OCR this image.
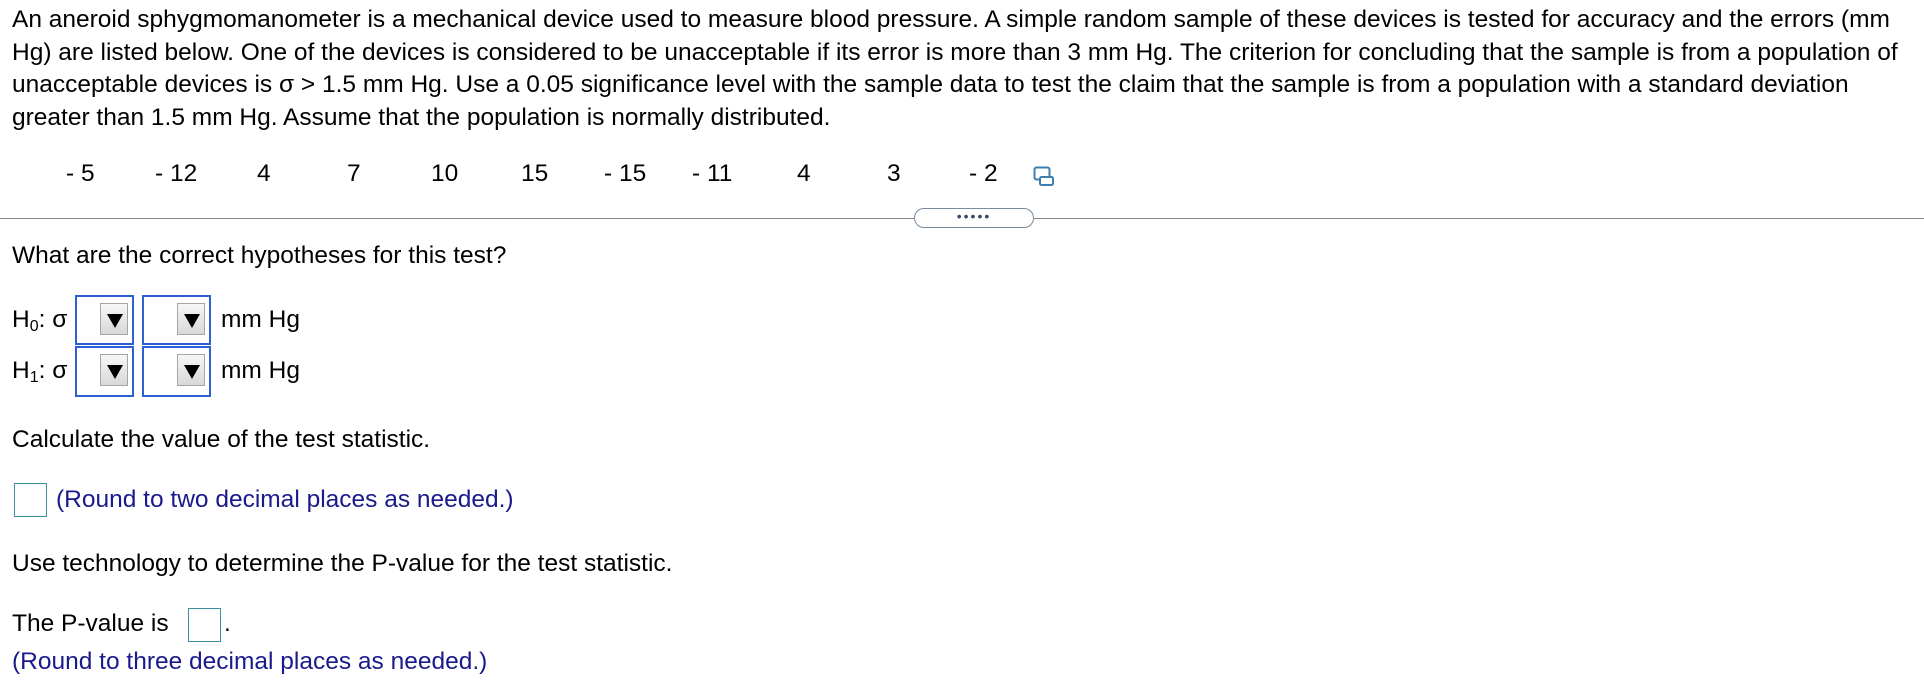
An aneroid sphygmomanometer is a mechanical device used to measure blood pressure. A simple random sample of these devices is tested for accuracy and the errors (mm Hg) are listed below. One of the devices is considered to be unacceptable if its error is more than 3 mm Hg. The criterion for concluding that the sample is from a population of unacceptable devices is σ > 1.5 mm Hg. Use a 0.05 significance level with the sample data to test the claim that the sample is from a population with a standard deviation greater than 1.5 mm Hg. Assume that the population is normally distributed.
- 5 - 12 4	7	10	15 - 15 - 11	4	3	- 2
•••••
What are the correct hypotheses for this test?
$H_0$: σ	mm Hg
$H_1$: σ	mm Hg
Calculate the value of the test statistic.
(Round to two decimal places as needed.)
Use technology to determine the P-value for the test statistic.
The P-value is .
(Round to three decimal places as needed.)
